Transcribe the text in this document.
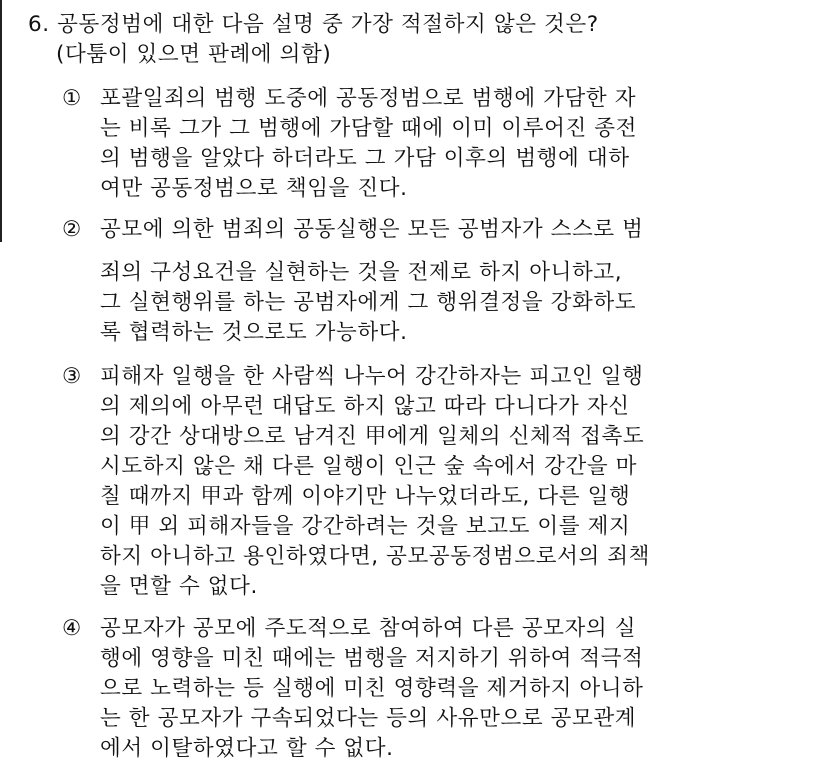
6. 공동정범에 대한 다음 설명 중 가장 적절하지 않은 것은?
(다툼이 있으면 판례에 의함)
① 포괄일죄의 범행 도중에 공동정범으로 범행에 가담한 자
는 비록 그가 그 범행에 가담할 때에 이미 이루어진 종전
의 범행을 알았다 하더라도 그 가담 이후의 범행에 대하
여만 공동정범으로 책임을 진다.
② 공모에 의한 범죄의 공동실행은 모든 공범자가 스스로 범
죄의 구성요건을 실현하는 것을 전제로 하지 아니하고,
그 실현행위를 하는 공범자에게 그 행위결정을 강화하도
록 협력하는 것으로도 가능하다.
③ 피해자 일행을 한 사람씩 나누어 강간하자는 피고인 일행
의 제의에 아무런 대답도 하지 않고 따라 다니다가 자신
의 강간 상대방으로 남겨진 甲에게 일체의 신체적 접촉도
시도하지 않은 채 다른 일행이 인근 숲 속에서 강간을 마
칠 때까지 甲과 함께 이야기만 나누었더라도, 다른 일행
이 甲 외 피해자들을 강간하려는 것을 보고도 이를 제지
하지 아니하고 용인하였다면, 공모공동정범으로서의 죄책
을 면할 수 없다.
④ 공모자가 공모에 주도적으로 참여하여 다른 공모자의 실
행에 영향을 미친 때에는 범행을 저지하기 위하여 적극적
으로 노력하는 등 실행에 미친 영향력을 제거하지 아니하
는 한 공모자가 구속되었다는 등의 사유만으로 공모관계
에서 이탈하였다고 할 수 없다.
